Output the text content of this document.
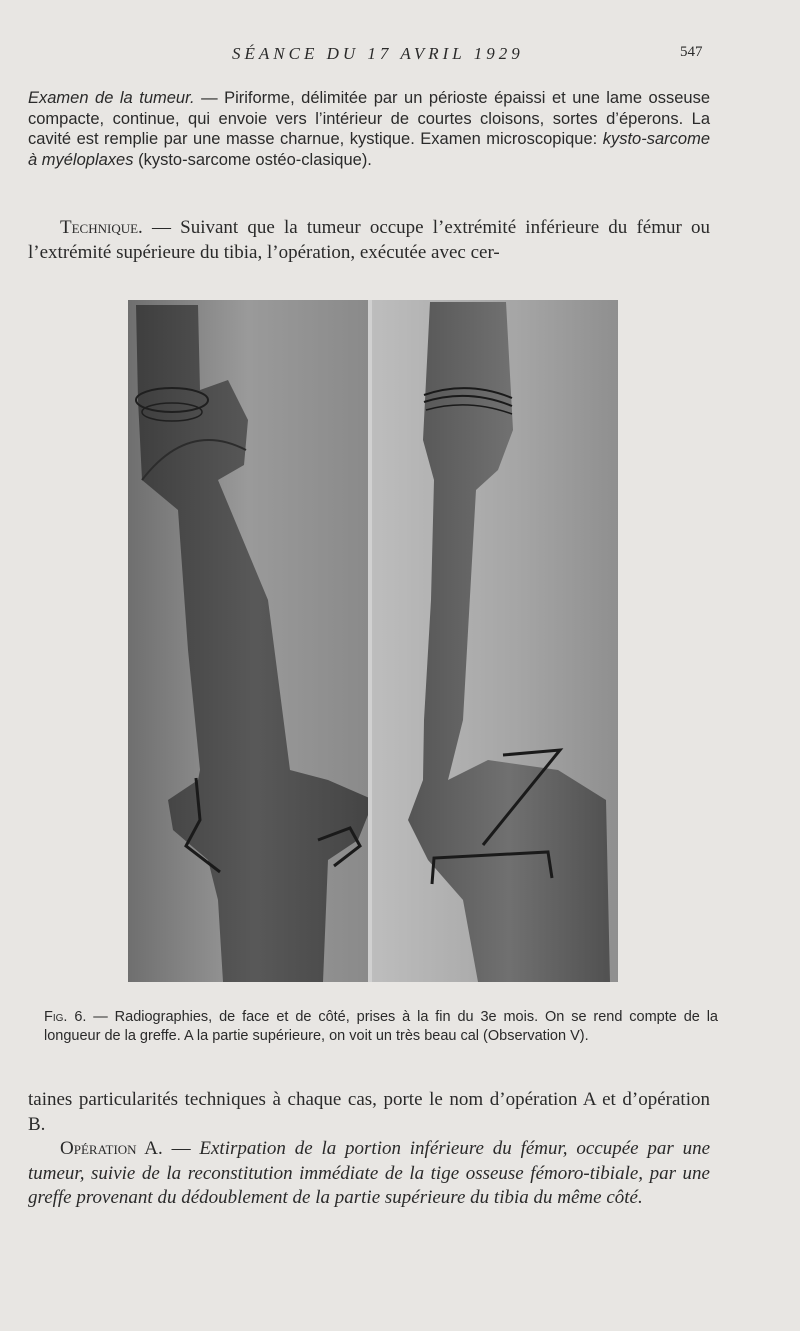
SÉANCE DU 17 AVRIL 1929	547

Examen de la tumeur. — Piriforme, délimitée par un périoste épaissi et une lame osseuse compacte, continue, qui envoie vers l’intérieur de courtes cloisons, sortes d’éperons. La cavité est remplie par une masse charnue, kystique. Examen microscopique: kysto-sarcome à myéloplaxes (kysto-sarcome ostéo-clasique).

Technique. — Suivant que la tumeur occupe l’extrémité inférieure du fémur ou l’extrémité supérieure du tibia, l’opération, exécutée avec cer-

Fig. 6. — Radiographies, de face et de côté, prises à la fin du 3e mois. On se rend compte de la longueur de la greffe. A la partie supérieure, on voit un très beau cal (Observation V).

taines particularités techniques à chaque cas, porte le nom d’opération A et d’opération B.

Opération A. — Extirpation de la portion inférieure du fémur, occupée par une tumeur, suivie de la reconstitution immédiate de la tige osseuse fémoro-tibiale, par une greffe provenant du dédoublement de la partie supérieure du tibia du même côté.
